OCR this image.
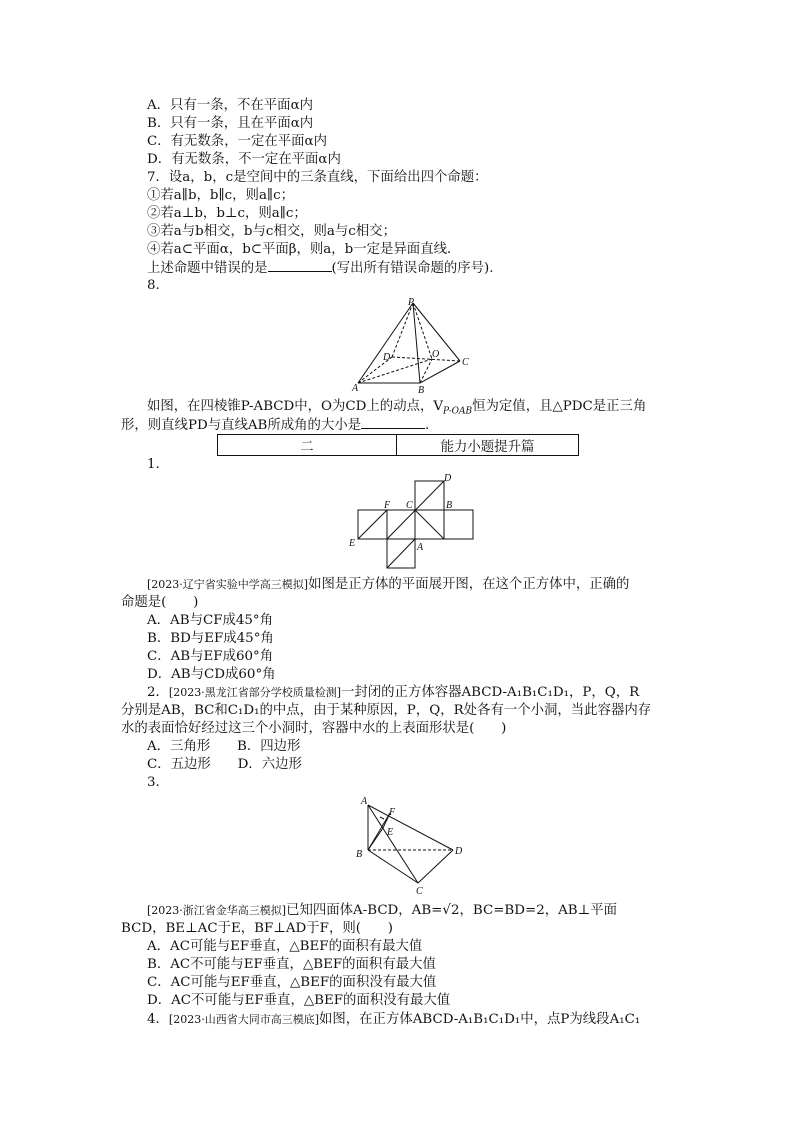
A．只有一条，不在平面α内
B．只有一条，且在平面α内
C．有无数条，一定在平面α内
D．有无数条，不一定在平面α内
7．设a，b，c是空间中的三条直线，下面给出四个命题：
①若a∥b，b∥c，则a∥c；
②若a⊥b，b⊥c，则a∥c；
③若a与b相交，b与c相交，则a与c相交；
④若a⊂平面α，b⊂平面β，则a，b一定是异面直线．
上述命题中错误的是	(写出所有错误命题的序号).
8.
P
D	O
C
A	B
如图，在四棱锥P-ABCD中，O为CD上的动点，$V_{P-OAB}$恒为定值，且△PDC是正三角
形，则直线PD与直线AB所成角的大小是	．
二	能力小题提升篇
1.
D
F C	B
E	A
[2023·辽宁省实验中学高三模拟]如图是正方体的平面展开图，在这个正方体中，正确的
命题是(　　)
A．AB与CF成45°角
B．BD与EF成45°角
C．AB与EF成60°角
D．AB与CD成60°角
2．[2023·黑龙江省部分学校质量检测]一封闭的正方体容器ABCD-A₁B₁C₁D₁，P，Q，R
分别是AB，BC和C₁D₁的中点，由于某种原因，P，Q，R处各有一个小洞，当此容器内存
水的表面恰好经过这三个小洞时，容器中水的上表面形状是(　　)
A．三角形　　B．四边形
C．五边形　　D．六边形
3.
A
F
E
B	D
C
[2023·浙江省金华高三模拟]已知四面体A-BCD，AB=√2，BC=BD=2，AB⊥平面
BCD，BE⊥AC于E，BF⊥AD于F，则(　　)
A．AC可能与EF垂直，△BEF的面积有最大值
B．AC不可能与EF垂直，△BEF的面积有最大值
C．AC可能与EF垂直，△BEF的面积没有最大值
D．AC不可能与EF垂直，△BEF的面积没有最大值
4．[2023·山西省大同市高三模底]如图，在正方体ABCD-A₁B₁C₁D₁中，点P为线段A₁C₁
